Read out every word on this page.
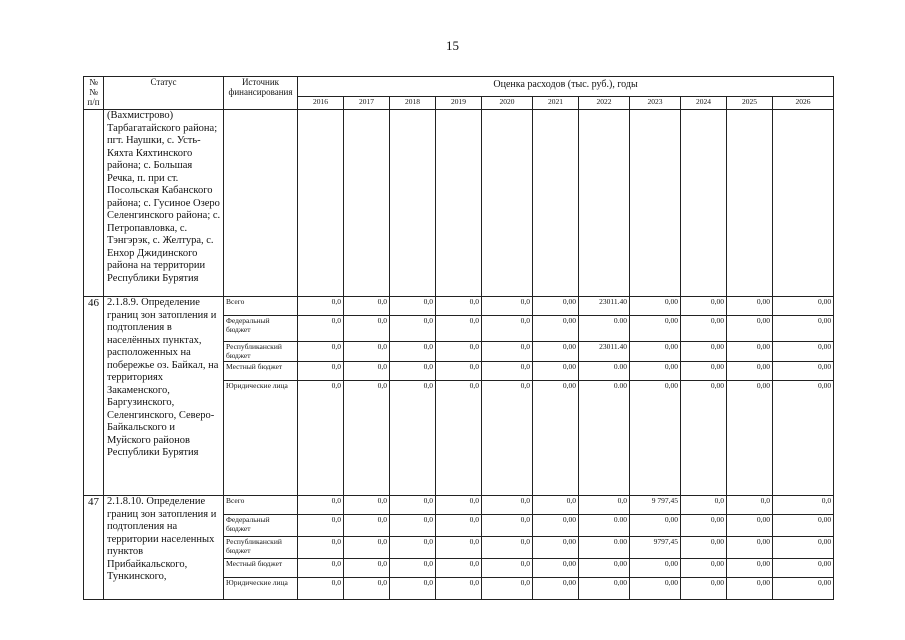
15
№
№
п/п	Статус	Источник финансирования	Оценка расходов (тыс. руб.), годы										
			2016	2017	2018	2019	2020	2021	2022	2023	2024	2025	2026
	(Вахмистрово) Тарбагатайского района; пгт. Наушки, с. Усть-Кяхта Кяхтинского района; с. Большая Речка, п. при ст. Посольская Кабанского района; с. Гусиное Озеро Селенгинского района; с. Петропавловка, с. Тэнгэрэк, с. Желтура, с. Енхор Джидинского района на территории Республики Бурятия												
46	2.1.8.9. Определение границ зон затопления и подтопления в населённых пунктах, расположенных на побережье оз. Байкал, на территориях Закаменского, Баргузинского, Селенгинского, Северо-Байкальского и Муйского районов Республики Бурятия	Всего	0,0	0,0	0,0	0,0	0,0	0,00	23011.40	0,00	0,00	0,00	0,00
		Федеральный бюджет	0,0	0,0	0,0	0,0	0,0	0,00	0.00	0,00	0,00	0,00	0,00
		Республиканский бюджет	0,0	0,0	0,0	0,0	0,0	0,00	23011.40	0,00	0,00	0,00	0,00
		Местный бюджет	0,0	0,0	0,0	0,0	0,0	0,00	0.00	0,00	0,00	0,00	0,00
		Юридические лица	0,0	0,0	0,0	0,0	0,0	0,00	0.00	0,00	0,00	0,00	0,00
47	2.1.8.10. Определение границ зон затопления и подтопления на территории населенных пунктов Прибайкальского, Тункинского,	Всего	0,0	0,0	0,0	0,0	0,0	0,0	0,0	9 797,45	0,0	0,0	0,0
		Федеральный бюджет	0,0	0,0	0,0	0,0	0,0	0,00	0.00	0,00	0,00	0,00	0,00
		Республиканский бюджет	0,0	0,0	0,0	0,0	0,0	0,00	0.00	9797,45	0,00	0,00	0,00
		Местный бюджет	0,0	0,0	0,0	0,0	0,0	0,00	0,00	0,00	0,00	0,00	0,00
		Юридические лица	0,0	0,0	0,0	0,0	0,0	0,00	0,00	0,00	0,00	0,00	0,00
